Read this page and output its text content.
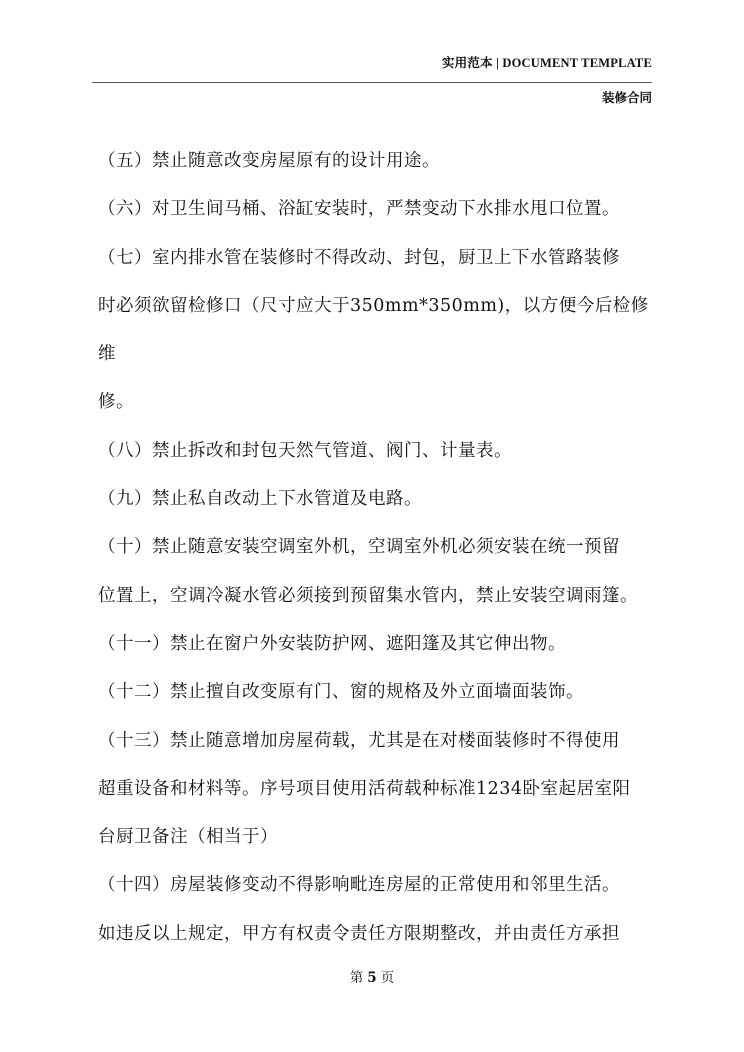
实用范本 | DOCUMENT TEMPLATE
装修合同

（五）禁止随意改变房屋原有的设计用途。

（六）对卫生间马桶、浴缸安装时，严禁变动下水排水甩口位置。

（七）室内排水管在装修时不得改动、封包，厨卫上下水管路装修

时必须欲留检修口（尺寸应大于350mm*350mm)，以方便今后检修维

修。

（八）禁止拆改和封包天然气管道、阀门、计量表。

（九）禁止私自改动上下水管道及电路。

（十）禁止随意安装空调室外机，空调室外机必须安装在统一预留

位置上，空调冷凝水管必须接到预留集水管内，禁止安装空调雨篷。

（十一）禁止在窗户外安装防护网、遮阳篷及其它伸出物。

（十二）禁止擅自改变原有门、窗的规格及外立面墙面装饰。

（十三）禁止随意增加房屋荷载，尤其是在对楼面装修时不得使用

超重设备和材料等。序号项目使用活荷载种标准1234卧室起居室阳

台厨卫备注（相当于）

（十四）房屋装修变动不得影响毗连房屋的正常使用和邻里生活。

如违反以上规定，甲方有权责令责任方限期整改，并由责任方承担

第 5 页
